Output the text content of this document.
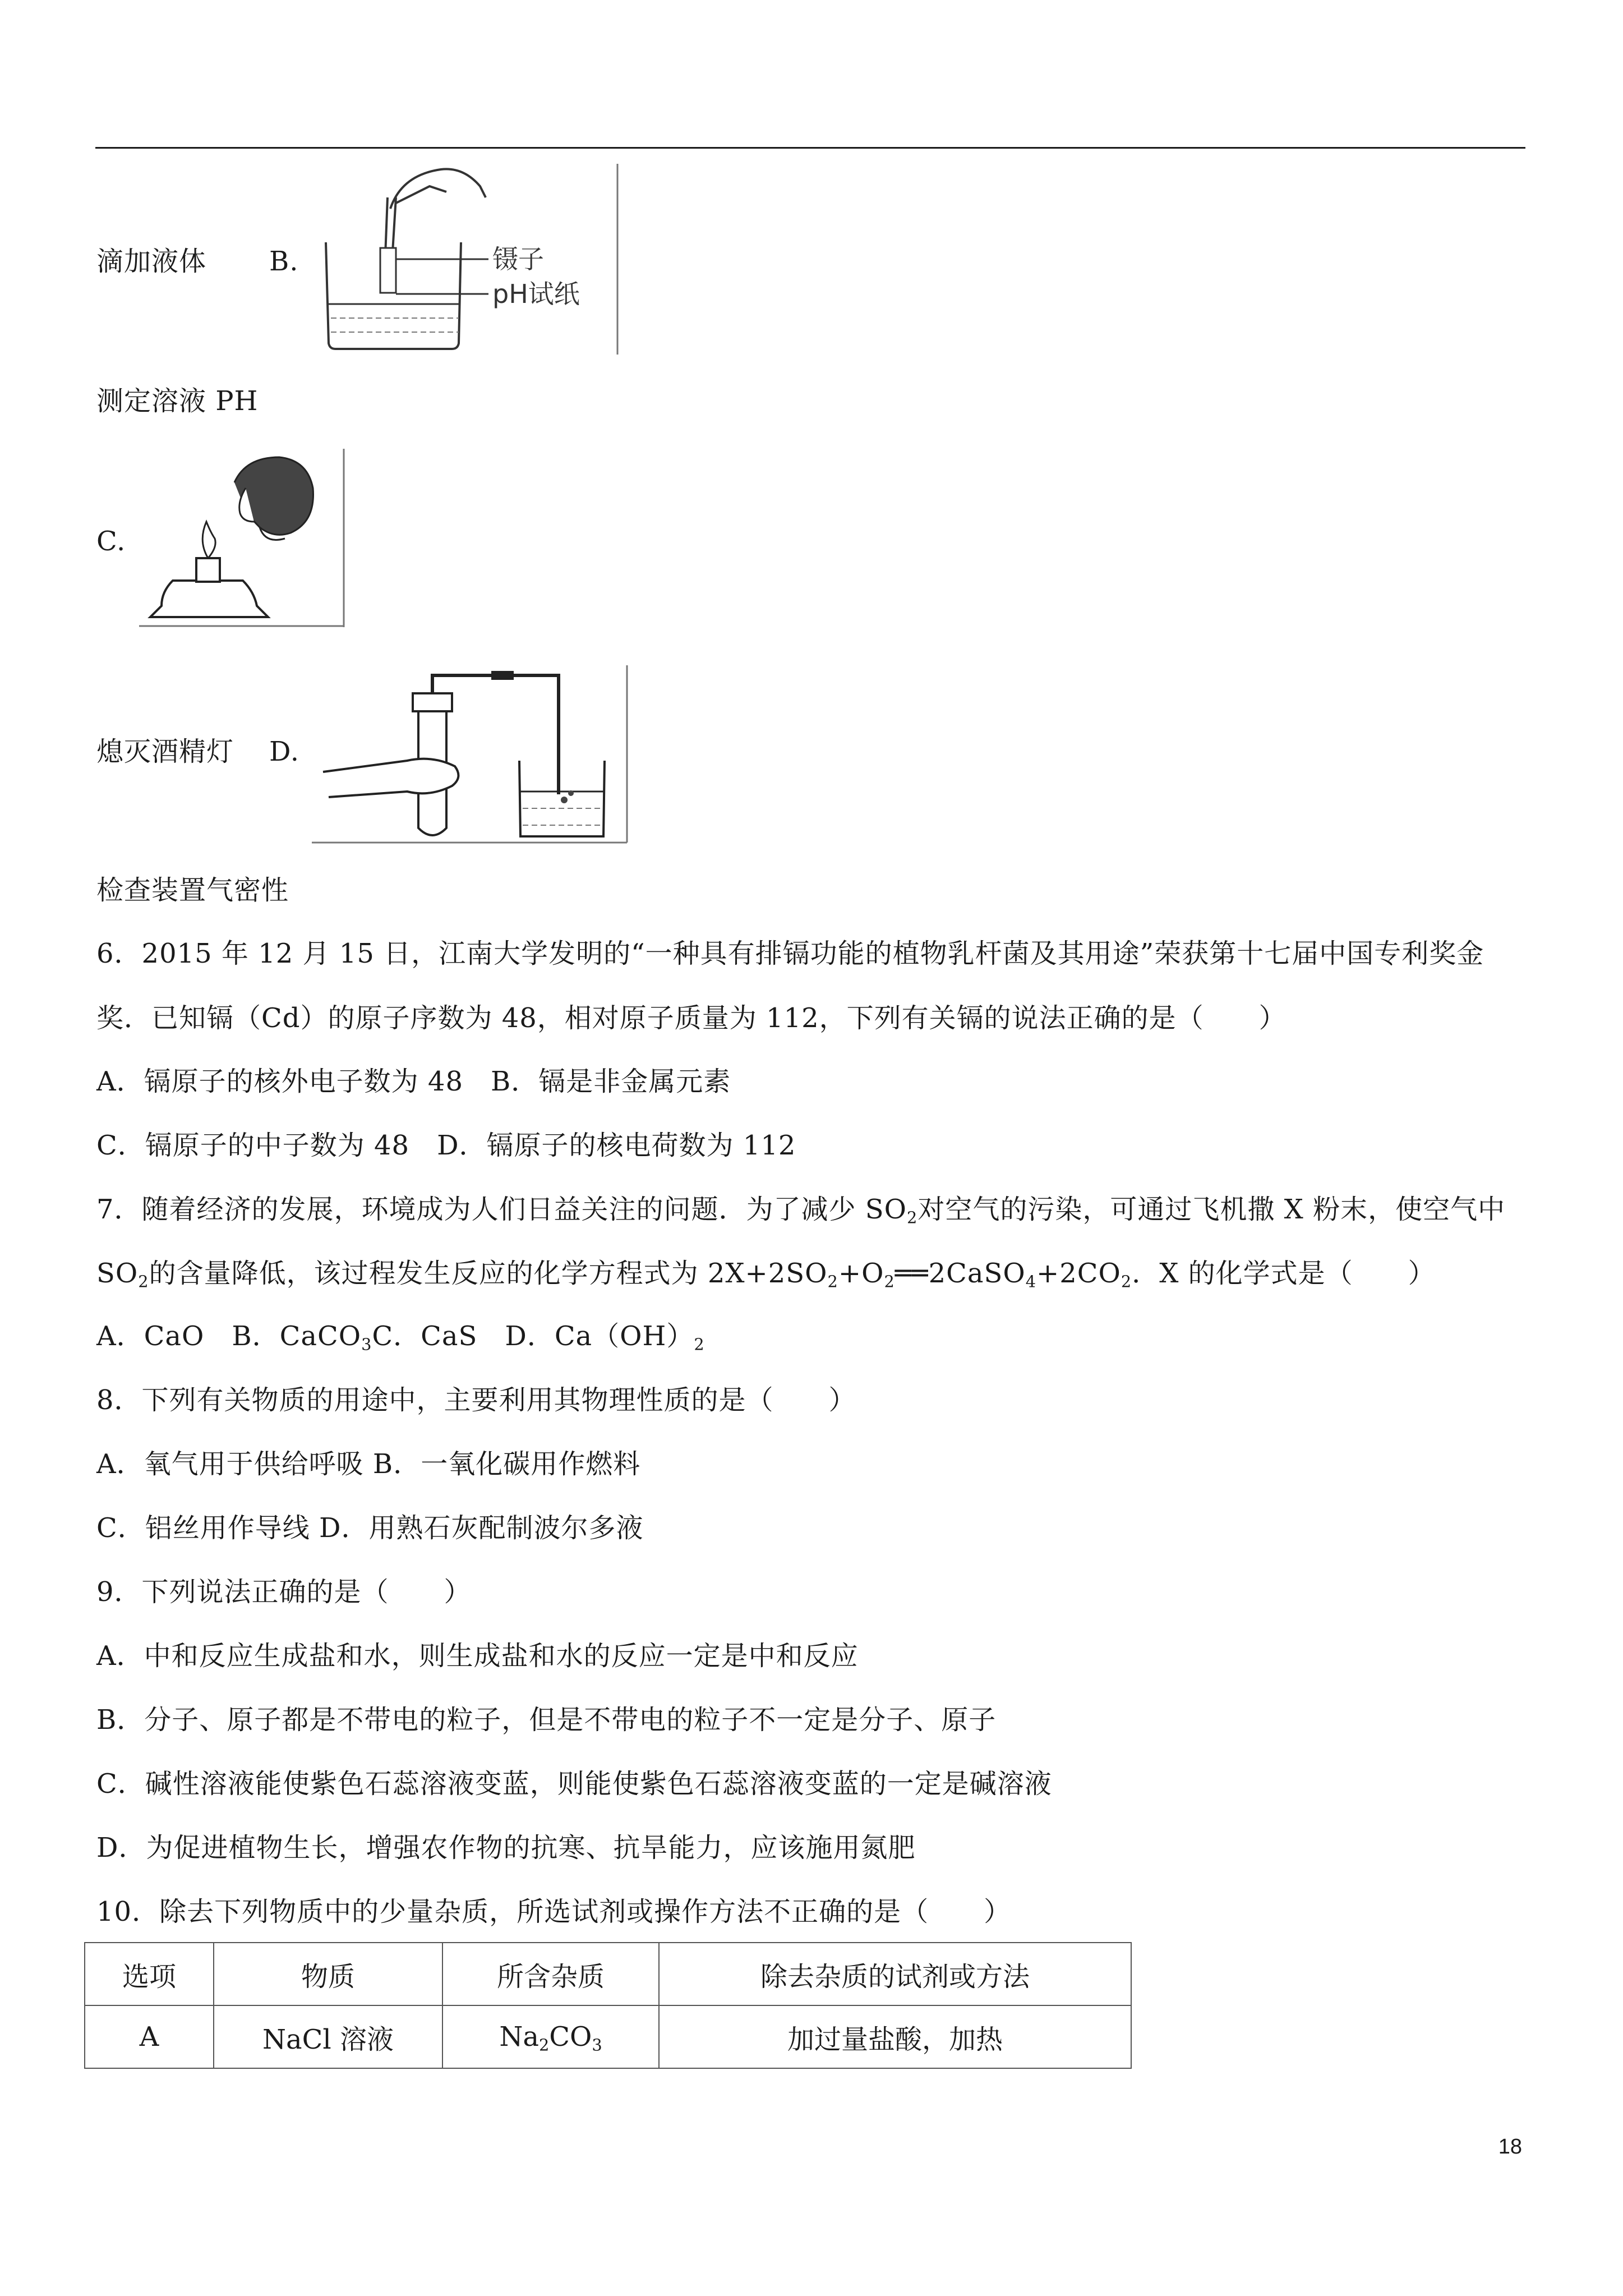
滴加液体 B.	镊子
pH试纸
测定溶液 PH
C.
熄灭酒精灯 D.
检查装置气密性
6．2015 年 12 月 15 日，江南大学发明的“一种具有排镉功能的植物乳杆菌及其用途”荣获第十七届中国专利奖金
奖．已知镉（Cd）的原子序数为 48，相对原子质量为 112，下列有关镉的说法正确的是（　　）
A．镉原子的核外电子数为 48　B．镉是非金属元素
C．镉原子的中子数为 48　D．镉原子的核电荷数为 112
7．随着经济的发展，环境成为人们日益关注的问题．为了减少 $SO_2$对空气的污染，可通过飞机撒 X 粉末，使空气中
$SO_2$的含量降低，该过程发生反应的化学方程式为 $2X+2SO_2+O_2══2CaSO_4+2CO_2$．X 的化学式是（　　）
A．CaO　B．CaCO$_3$C．CaS　D．$Ca(OH)_2$
8．下列有关物质的用途中，主要利用其物理性质的是（　　）
A．氧气用于供给呼吸 B．一氧化碳用作燃料
C．铝丝用作导线 D．用熟石灰配制波尔多液
9．下列说法正确的是（　　）
A．中和反应生成盐和水，则生成盐和水的反应一定是中和反应
B．分子、原子都是不带电的粒子，但是不带电的粒子不一定是分子、原子
C．碱性溶液能使紫色石蕊溶液变蓝，则能使紫色石蕊溶液变蓝的一定是碱溶液
D．为促进植物生长，增强农作物的抗寒、抗旱能力，应该施用氮肥
10．除去下列物质中的少量杂质，所选试剂或操作方法不正确的是（　　）
选项	物质	所含杂质	除去杂质的试剂或方法
A	NaCl 溶液	$Na_2CO_3$	加过量盐酸，加热
18
